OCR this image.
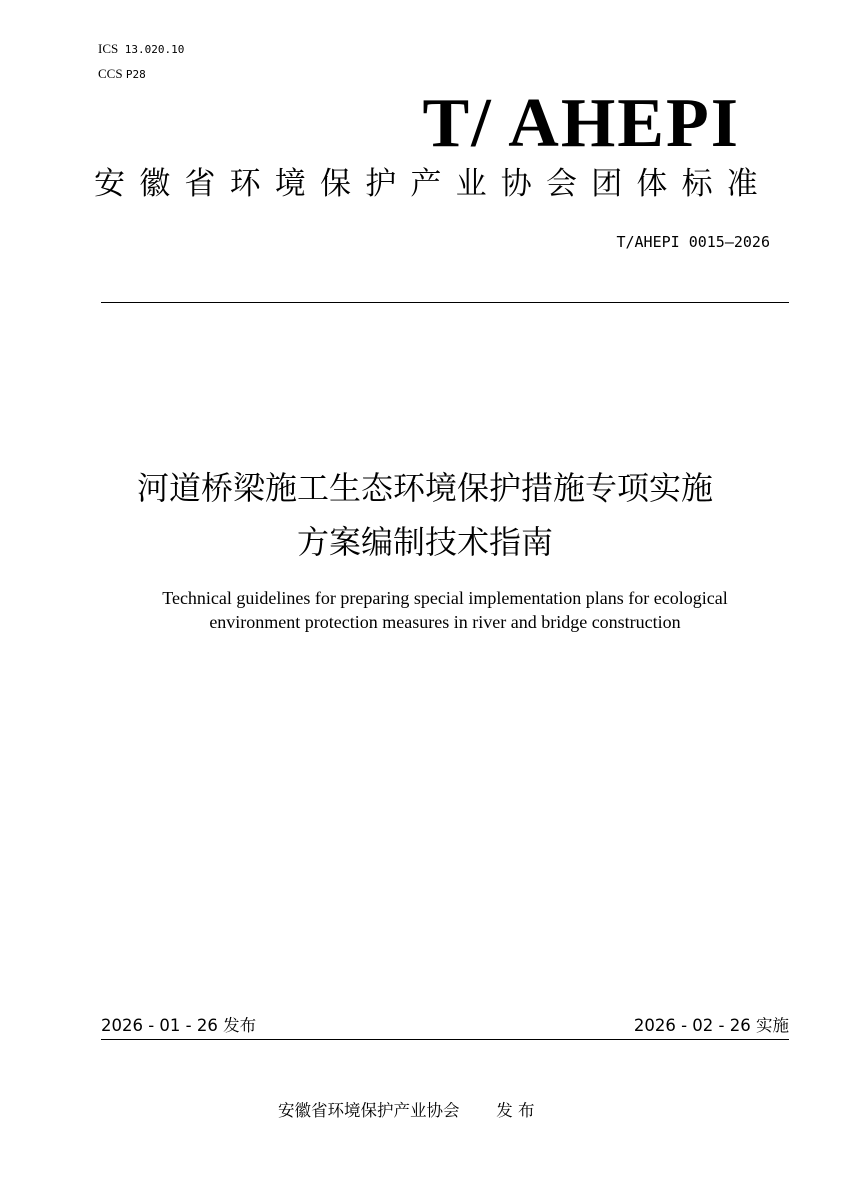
ICS 13.020.10
CCS P28
T/ AHEPI
安徽省环境保护产业协会团体标准
T/AHEPI 0015—2026
河道桥梁施工生态环境保护措施专项实施
方案编制技术指南
Technical guidelines for preparing special implementation plans for ecological
environment protection measures in river and bridge construction
2026 - 01 - 26 发布	2026 - 02 - 26 实施
安徽省环境保护产业协会 发 布
